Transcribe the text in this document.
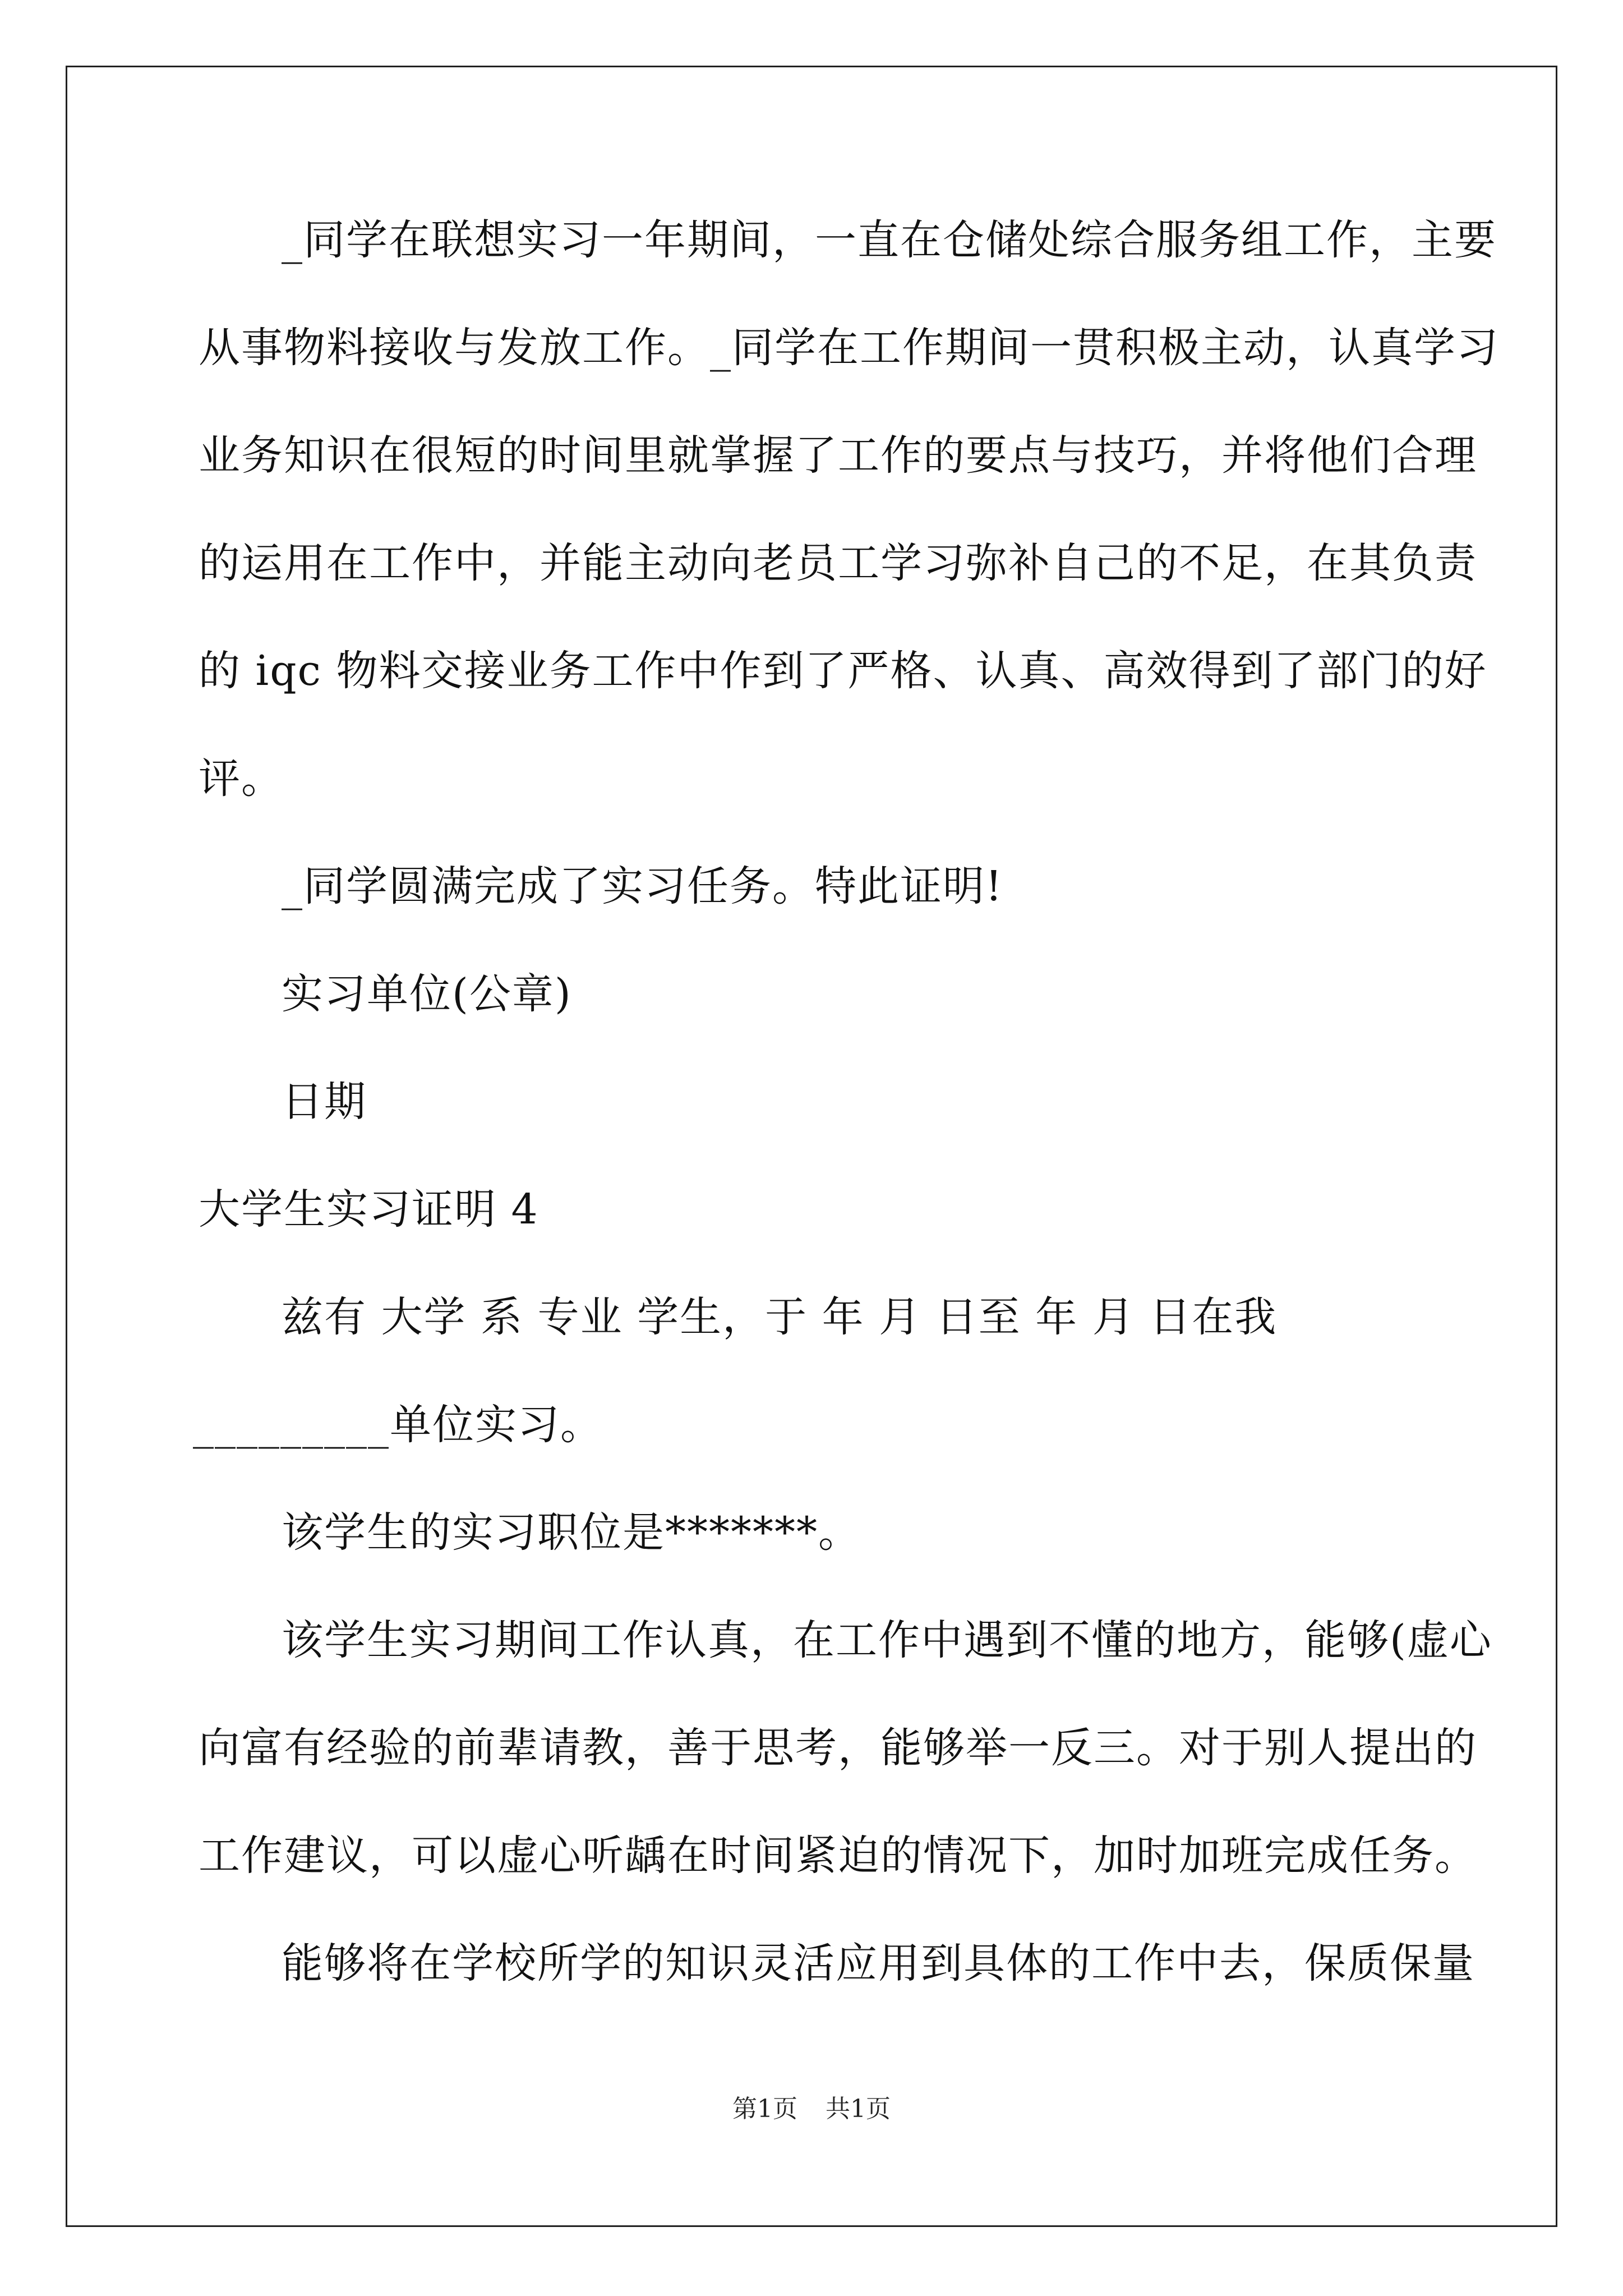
_同学在联想实习一年期间，一直在仓储处综合服务组工作，主要
从事物料接收与发放工作。_同学在工作期间一贯积极主动，认真学习
业务知识在很短的时间里就掌握了工作的要点与技巧，并将他们合理
的运用在工作中，并能主动向老员工学习弥补自己的不足，在其负责
的 iqc 物料交接业务工作中作到了严格、认真、高效得到了部门的好
评。
_同学圆满完成了实习任务。特此证明!
实习单位(公章)
日期
大学生实习证明 4
兹有 大学 系 专业 学生，于 年 月 日至 年 月 日在我
_________单位实习。
该学生的实习职位是*******。
该学生实习期间工作认真，在工作中遇到不懂的地方，能够(虚心
向富有经验的前辈请教，善于思考，能够举一反三。对于别人提出的
工作建议，可以虚心听龋在时间紧迫的情况下，加时加班完成任务。
能够将在学校所学的知识灵活应用到具体的工作中去，保质保量
第1页 共1页
